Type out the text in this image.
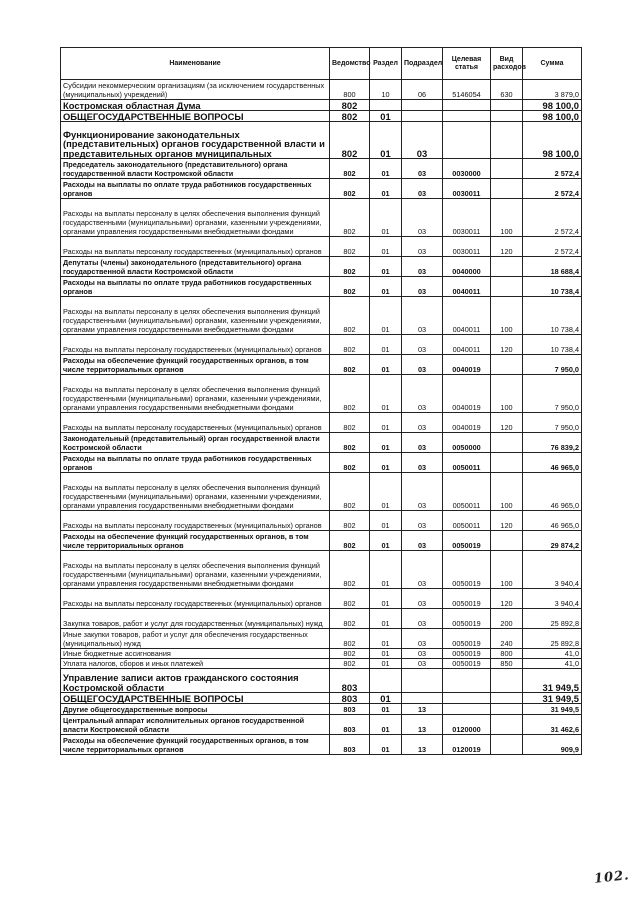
Наименование	Ведомство	Раздел	Подраздел	Целевая статья	Вид расходов	Сумма
Субсидии некоммерческим организациям (за исключением государственных (муниципальных) учреждений)	800	10	06	5146054	630	3 879,0
Костромская областная Дума	802					98 100,0
ОБЩЕГОСУДАРСТВЕННЫЕ ВОПРОСЫ	802	01				98 100,0
Функционирование законодательных (представительных) органов государственной власти и представительных органов муниципальных	802	01	03			98 100,0
Председатель законодательного (представительного) органа государственной власти Костромской области	802	01	03	0030000		2 572,4
Расходы на выплаты по оплате труда работников государственных органов	802	01	03	0030011		2 572,4
Расходы на выплаты персоналу в целях обеспечения выполнения функций государственными (муниципальными) органами, казенными учреждениями, органами управления государственными внебюджетными фондами	802	01	03	0030011	100	2 572,4
Расходы на выплаты персоналу государственных (муниципальных) органов	802	01	03	0030011	120	2 572,4
Депутаты (члены) законодательного (представительного) органа государственной власти Костромской области	802	01	03	0040000		18 688,4
Расходы на выплаты по оплате труда работников государственных органов	802	01	03	0040011		10 738,4
Расходы на выплаты персоналу в целях обеспечения выполнения функций государственными (муниципальными) органами, казенными учреждениями, органами управления государственными внебюджетными фондами	802	01	03	0040011	100	10 738,4
Расходы на выплаты персоналу государственных (муниципальных) органов	802	01	03	0040011	120	10 738,4
Расходы на обеспечение функций государственных органов, в том числе территориальных органов	802	01	03	0040019		7 950,0
Расходы на выплаты персоналу в целях обеспечения выполнения функций государственными (муниципальными) органами, казенными учреждениями, органами управления государственными внебюджетными фондами	802	01	03	0040019	100	7 950,0
Расходы на выплаты персоналу государственных (муниципальных) органов	802	01	03	0040019	120	7 950,0
Законодательный (представительный) орган государственной власти Костромской области	802	01	03	0050000		76 839,2
Расходы на выплаты по оплате труда работников государственных органов	802	01	03	0050011		46 965,0
Расходы на выплаты персоналу в целях обеспечения выполнения функций государственными (муниципальными) органами, казенными учреждениями, органами управления государственными внебюджетными фондами	802	01	03	0050011	100	46 965,0
Расходы на выплаты персоналу государственных (муниципальных) органов	802	01	03	0050011	120	46 965,0
Расходы на обеспечение функций государственных органов, в том числе территориальных органов	802	01	03	0050019		29 874,2
Расходы на выплаты персоналу в целях обеспечения выполнения функций государственными (муниципальными) органами, казенными учреждениями, органами управления государственными внебюджетными фондами	802	01	03	0050019	100	3 940,4
Расходы на выплаты персоналу государственных (муниципальных) органов	802	01	03	0050019	120	3 940,4
Закупка товаров, работ и услуг для государственных (муниципальных) нужд	802	01	03	0050019	200	25 892,8
Иные закупки товаров, работ и услуг для обеспечения государственных (муниципальных) нужд	802	01	03	0050019	240	25 892,8
Иные бюджетные ассигнования	802	01	03	0050019	800	41,0
Уплата налогов, сборов и иных платежей	802	01	03	0050019	850	41,0
Управление записи актов гражданского состояния Костромской области	803					31 949,5
ОБЩЕГОСУДАРСТВЕННЫЕ ВОПРОСЫ	803	01				31 949,5
Другие общегосударственные вопросы	803	01	13			31 949,5
Центральный аппарат исполнительных органов государственной власти Костромской области	803	01	13	0120000		31 462,6
Расходы на обеспечение функций государственных органов, в том числе территориальных органов	803	01	13	0120019		909,9
102.
